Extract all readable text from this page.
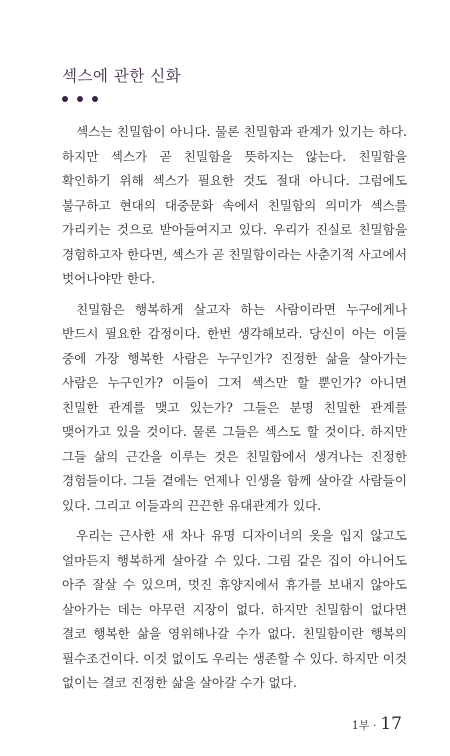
섹스에 관한 신화

섹스는 친밀함이 아니다. 물론 친밀함과 관계가 있기는 하다. 하지만 섹스가 곧 친밀함을 뜻하지는 않는다. 친밀함을 확인하기 위해 섹스가 필요한 것도 절대 아니다. 그럼에도 불구하고 현대의 대중문화 속에서 친밀함의 의미가 섹스를 가리키는 것으로 받아들여지고 있다. 우리가 진실로 친밀함을 경험하고자 한다면, 섹스가 곧 친밀함이라는 사춘기적 사고에서 벗어나야만 한다.

친밀함은 행복하게 살고자 하는 사람이라면 누구에게나 반드시 필요한 감정이다. 한번 생각해보라. 당신이 아는 이들 중에 가장 행복한 사람은 누구인가? 진정한 삶을 살아가는 사람은 누구인가? 이들이 그저 섹스만 할 뿐인가? 아니면 친밀한 관계를 맺고 있는가? 그들은 분명 친밀한 관계를 맺어가고 있을 것이다. 물론 그들은 섹스도 할 것이다. 하지만 그들 삶의 근간을 이루는 것은 친밀함에서 생겨나는 진정한 경험들이다. 그들 곁에는 언제나 인생을 함께 살아갈 사람들이 있다. 그리고 이들과의 끈끈한 유대관계가 있다.

우리는 근사한 새 차나 유명 디자이너의 옷을 입지 않고도 얼마든지 행복하게 살아갈 수 있다. 그림 같은 집이 아니어도 아주 잘살 수 있으며, 멋진 휴양지에서 휴가를 보내지 않아도 살아가는 데는 아무런 지장이 없다. 하지만 친밀함이 없다면 결코 행복한 삶을 영위해나갈 수가 없다. 친밀함이란 행복의 필수조건이다. 이것 없이도 우리는 생존할 수 있다. 하지만 이것 없이는 결코 진정한 삶을 살아갈 수가 없다.

1부 · 17
